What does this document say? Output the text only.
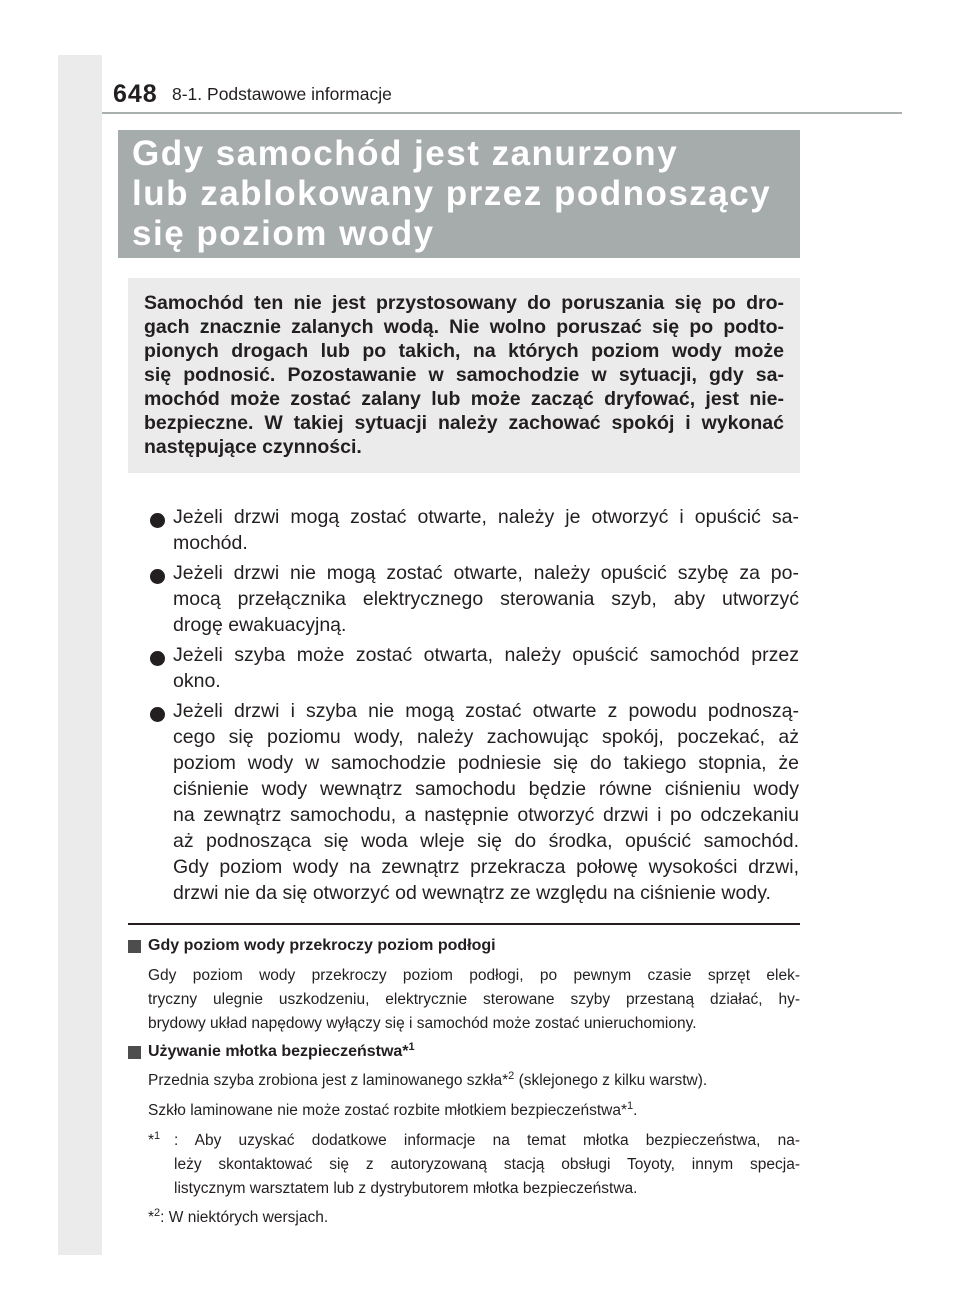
648 8-1. Podstawowe informacje
Gdy samochód jest zanurzony
lub zablokowany przez podnoszący
się poziom wody
Samochód ten nie jest przystosowany do poruszania się po dro-
gach znacznie zalanych wodą. Nie wolno poruszać się po podto-
pionych drogach lub po takich, na których poziom wody może
się podnosić. Pozostawanie w samochodzie w sytuacji, gdy sa-
mochód może zostać zalany lub może zacząć dryfować, jest nie-
bezpieczne. W takiej sytuacji należy zachować spokój i wykonać
następujące czynności.
Jeżeli drzwi mogą zostać otwarte, należy je otworzyć i opuścić sa-
mochód.
Jeżeli drzwi nie mogą zostać otwarte, należy opuścić szybę za po-
mocą przełącznika elektrycznego sterowania szyb, aby utworzyć
drogę ewakuacyjną.
Jeżeli szyba może zostać otwarta, należy opuścić samochód przez
okno.
Jeżeli drzwi i szyba nie mogą zostać otwarte z powodu podnoszą-
cego się poziomu wody, należy zachowując spokój, poczekać, aż
poziom wody w samochodzie podniesie się do takiego stopnia, że
ciśnienie wody wewnątrz samochodu będzie równe ciśnieniu wody
na zewnątrz samochodu, a następnie otworzyć drzwi i po odczekaniu
aż podnosząca się woda wleje się do środka, opuścić samochód.
Gdy poziom wody na zewnątrz przekracza połowę wysokości drzwi,
drzwi nie da się otworzyć od wewnątrz ze względu na ciśnienie wody.
Gdy poziom wody przekroczy poziom podłogi
Gdy poziom wody przekroczy poziom podłogi, po pewnym czasie sprzęt elek-
tryczny ulegnie uszkodzeniu, elektrycznie sterowane szyby przestaną działać, hy-
brydowy układ napędowy wyłączy się i samochód może zostać unieruchomiony.
Używanie młotka bezpieczeństwa*$^1$
Przednia szyba zrobiona jest z laminowanego szkła*$^2$ (sklejonego z kilku warstw).
Szkło laminowane nie może zostać rozbite młotkiem bezpieczeństwa*$^1$.
*$^1$ : Aby uzyskać dodatkowe informacje na temat młotka bezpieczeństwa, na-
leży skontaktować się z autoryzowaną stacją obsługi Toyoty, innym specja-
listycznym warsztatem lub z dystrybutorem młotka bezpieczeństwa.
*$^2$: W niektórych wersjach.
